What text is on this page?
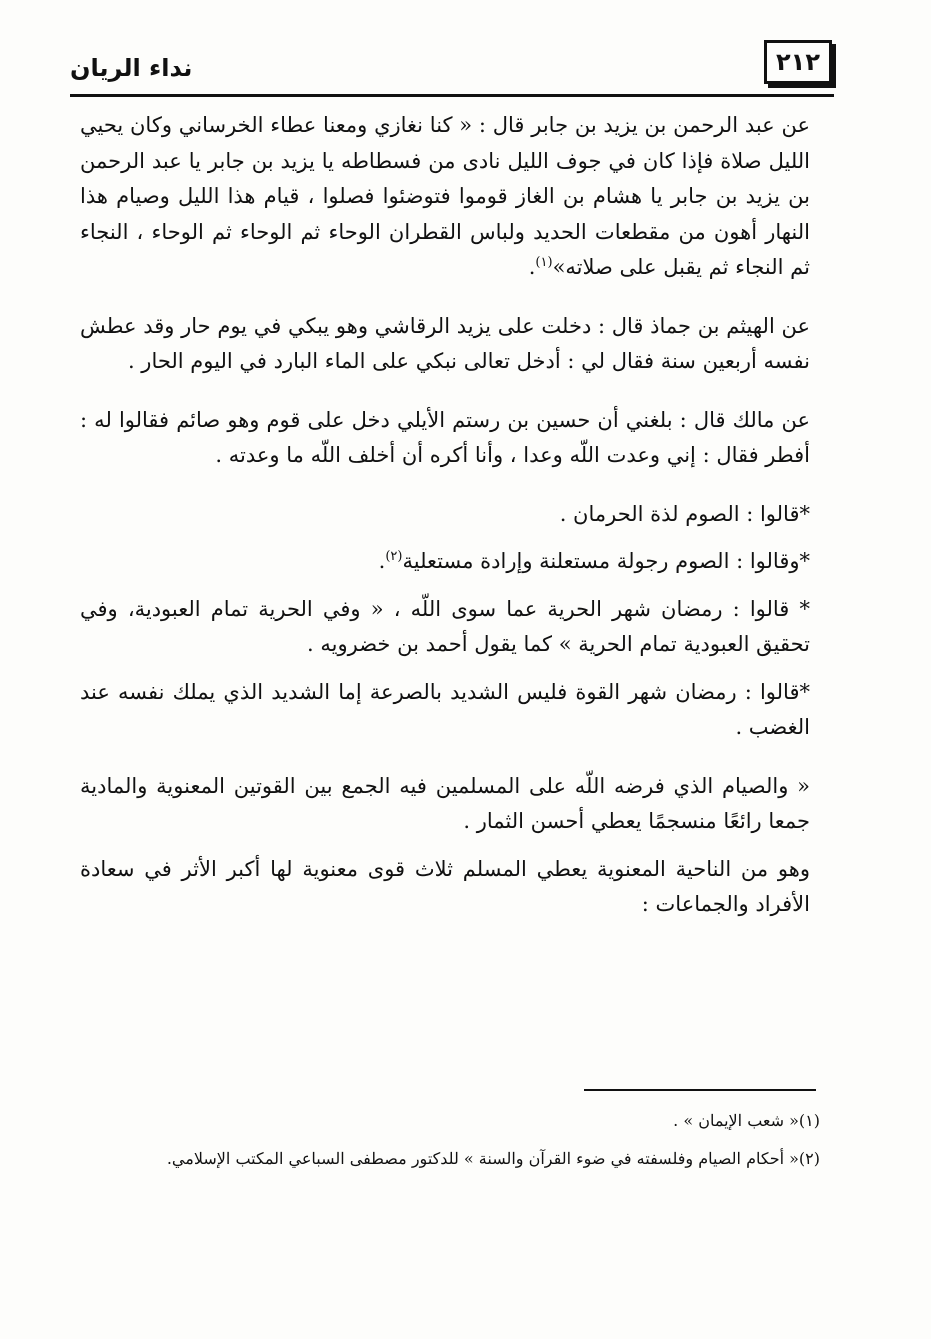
نداء الريان	٢١٢

عن عبد الرحمن بن يزيد بن جابر قال : « كنا نغازي ومعنا عطاء الخرساني وكان يحيي الليل صلاة فإذا كان في جوف الليل نادى من فسطاطه يا يزيد بن جابر يا عبد الرحمن بن يزيد بن جابر يا هشام بن الغاز قوموا فتوضئوا فصلوا ، قيام هذا الليل وصيام هذا النهار أهون من مقطعات الحديد ولباس القطران الوحاء ثم الوحاء ثم الوحاء ، النجاء ثم النجاء ثم يقبل على صلاته»$^{(١)}$.

عن الهيثم بن جماذ قال : دخلت على يزيد الرقاشي وهو يبكي في يوم حار وقد عطش نفسه أربعين سنة فقال لي : أدخل تعالى نبكي على الماء البارد في اليوم الحار .

عن مالك قال : بلغني أن حسين بن رستم الأيلي دخل على قوم وهو صائم فقالوا له : أفطر فقال : إني وعدت اللّه وعدا ، وأنا أكره أن أخلف اللّه ما وعدته .

*قالوا : الصوم لذة الحرمان .

*وقالوا : الصوم رجولة مستعلنة وإرادة مستعلية$^{(٢)}$.

* قالوا : رمضان شهر الحرية عما سوى اللّه ، « وفي الحرية تمام العبودية، وفي تحقيق العبودية تمام الحرية » كما يقول أحمد بن خضرويه .

*قالوا : رمضان شهر القوة فليس الشديد بالصرعة إما الشديد الذي يملك نفسه عند الغضب .

« والصيام الذي فرضه اللّه على المسلمين فيه الجمع بين القوتين المعنوية والمادية جمعا رائعًا منسجمًا يعطي أحسن الثمار .

وهو من الناحية المعنوية يعطي المسلم ثلاث قوى معنوية لها أكبر الأثر في سعادة الأفراد والجماعات :

(١)« شعب الإيمان » .

(٢)« أحكام الصيام وفلسفته في ضوء القرآن والسنة » للدكتور مصطفى السباعي المكتب الإسلامي.
